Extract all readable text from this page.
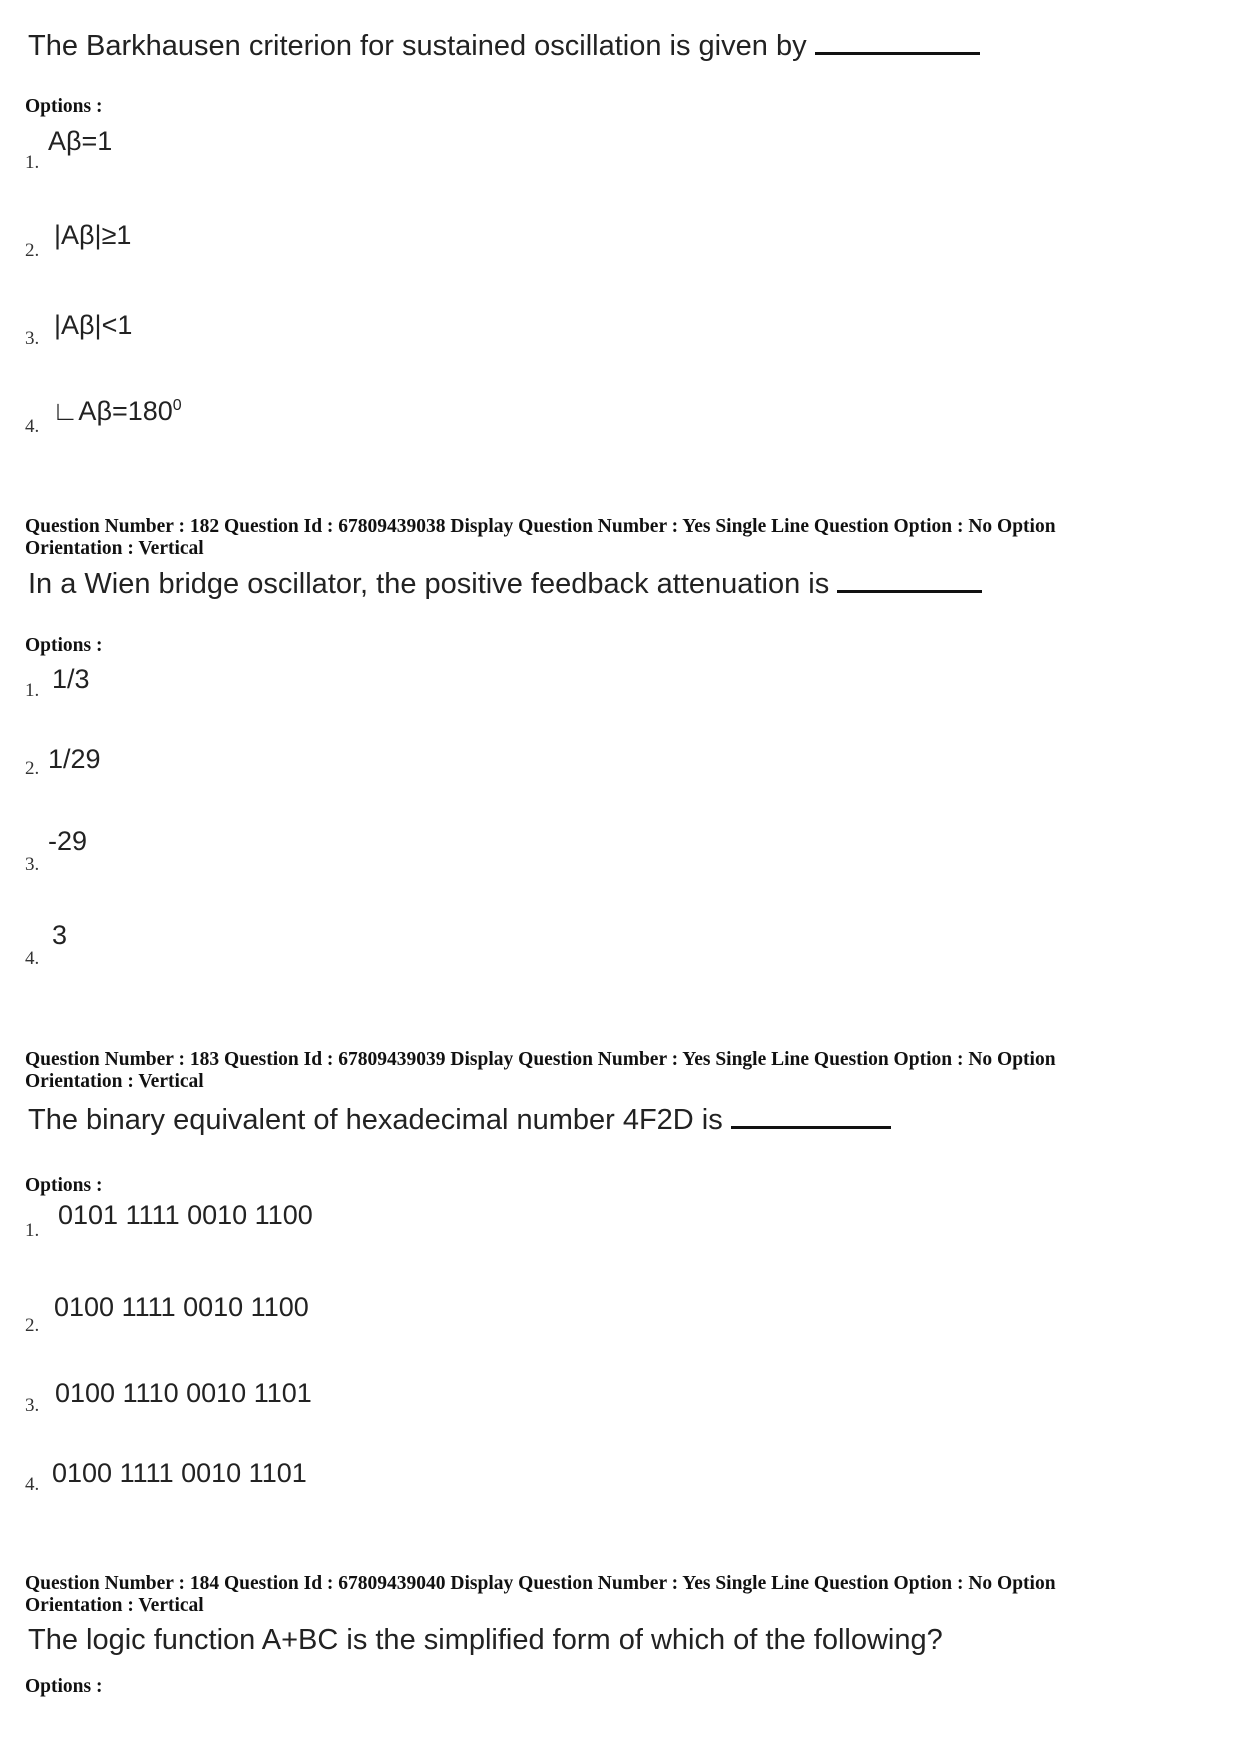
The Barkhausen criterion for sustained oscillation is given by
Options :
1.
Aβ=1
2.
|Aβ|≥1
3. |Aβ|<1
4.
$∟A\beta=180^0$
Question Number : 182 Question Id : 67809439038 Display Question Number : Yes Single Line Question Option : No Option
Orientation : Vertical
In a Wien bridge oscillator, the positive feedback attenuation is
Options :
1. 1/3
2. 1/29
3.
-29
4.
3
Question Number : 183 Question Id : 67809439039 Display Question Number : Yes Single Line Question Option : No Option
Orientation : Vertical
The binary equivalent of hexadecimal number 4F2D is
Options :
1.
0101 1111 0010 1100
2.
0100 1111 0010 1100
3. 0100 1110 0010 1101
4. 0100 1111 0010 1101
Question Number : 184 Question Id : 67809439040 Display Question Number : Yes Single Line Question Option : No Option
Orientation : Vertical
The logic function A+BC is the simplified form of which of the following?
Options :
